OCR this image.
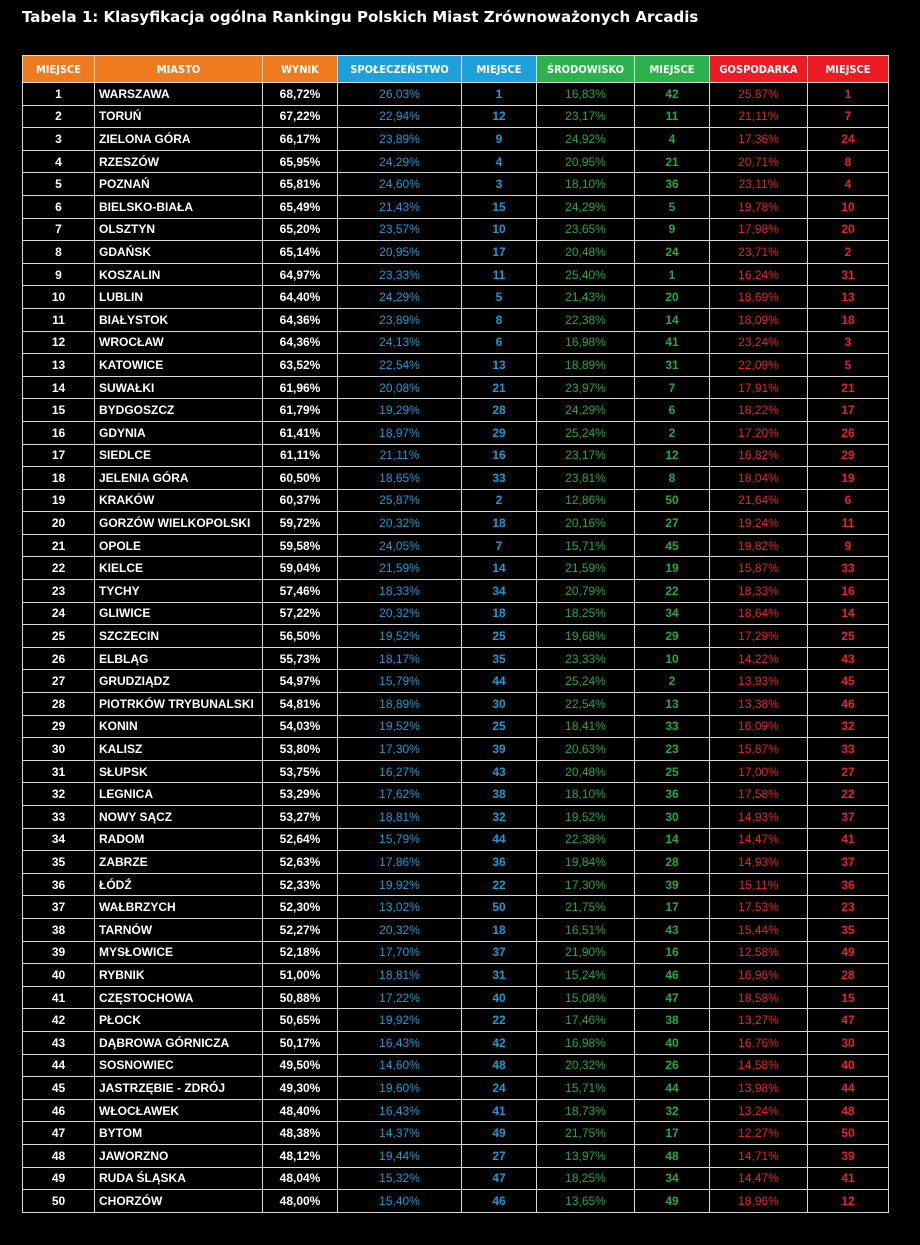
Tabela 1: Klasyfikacja ogólna Rankingu Polskich Miast Zrównoważonych Arcadis
MIEJSCE	MIASTO	WYNIK	SPOŁECZEŃSTWO	MIEJSCE	ŚRODOWISKO	MIEJSCE	GOSPODARKA	MIEJSCE
1	WARSZAWA	68,72%	26,03%	1	16,83%	42	25,87%	1
2	TORUŃ	67,22%	22,94%	12	23,17%	11	21,11%	7
3	ZIELONA GÓRA	66,17%	23,89%	9	24,92%	4	17,36%	24
4	RZESZÓW	65,95%	24,29%	4	20,95%	21	20,71%	8
5	POZNAŃ	65,81%	24,60%	3	18,10%	36	23,11%	4
6	BIELSKO-BIAŁA	65,49%	21,43%	15	24,29%	5	19,78%	10
7	OLSZTYN	65,20%	23,57%	10	23,65%	9	17,98%	20
8	GDAŃSK	65,14%	20,95%	17	20,48%	24	23,71%	2
9	KOSZALIN	64,97%	23,33%	11	25,40%	1	16,24%	31
10	LUBLIN	64,40%	24,29%	5	21,43%	20	18,69%	13
11	BIAŁYSTOK	64,36%	23,89%	8	22,38%	14	18,09%	18
12	WROCŁAW	64,36%	24,13%	6	16,98%	41	23,24%	3
13	KATOWICE	63,52%	22,54%	13	18,89%	31	22,09%	5
14	SUWAŁKI	61,96%	20,08%	21	23,97%	7	17,91%	21
15	BYDGOSZCZ	61,79%	19,29%	28	24,29%	6	18,22%	17
16	GDYNIA	61,41%	18,97%	29	25,24%	2	17,20%	26
17	SIEDLCE	61,11%	21,11%	16	23,17%	12	16,82%	29
18	JELENIA GÓRA	60,50%	18,65%	33	23,81%	8	18,04%	19
19	KRAKÓW	60,37%	25,87%	2	12,86%	50	21,64%	6
20	GORZÓW WIELKOPOLSKI	59,72%	20,32%	18	20,16%	27	19,24%	11
21	OPOLE	59,58%	24,05%	7	15,71%	45	19,82%	9
22	KIELCE	59,04%	21,59%	14	21,59%	19	15,87%	33
23	TYCHY	57,46%	18,33%	34	20,79%	22	18,33%	16
24	GLIWICE	57,22%	20,32%	18	18,25%	34	18,64%	14
25	SZCZECIN	56,50%	19,52%	25	19,68%	29	17,29%	25
26	ELBLĄG	55,73%	18,17%	35	23,33%	10	14,22%	43
27	GRUDZIĄDZ	54,97%	15,79%	44	25,24%	2	13,93%	45
28	PIOTRKÓW TRYBUNALSKI	54,81%	18,89%	30	22,54%	13	13,38%	46
29	KONIN	54,03%	19,52%	25	18,41%	33	16,09%	32
30	KALISZ	53,80%	17,30%	39	20,63%	23	15,87%	33
31	SŁUPSK	53,75%	16,27%	43	20,48%	25	17,00%	27
32	LEGNICA	53,29%	17,62%	38	18,10%	36	17,58%	22
33	NOWY SĄCZ	53,27%	18,81%	32	19,52%	30	14,93%	37
34	RADOM	52,64%	15,79%	44	22,38%	14	14,47%	41
35	ZABRZE	52,63%	17,86%	36	19,84%	28	14,93%	37
36	ŁÓDŹ	52,33%	19,92%	22	17,30%	39	15,11%	36
37	WAŁBRZYCH	52,30%	13,02%	50	21,75%	17	17,53%	23
38	TARNÓW	52,27%	20,32%	18	16,51%	43	15,44%	35
39	MYSŁOWICE	52,18%	17,70%	37	21,90%	16	12,58%	49
40	RYBNIK	51,00%	18,81%	31	15,24%	46	16,96%	28
41	CZĘSTOCHOWA	50,88%	17,22%	40	15,08%	47	18,58%	15
42	PŁOCK	50,65%	19,92%	22	17,46%	38	13,27%	47
43	DĄBROWA GÓRNICZA	50,17%	16,43%	42	16,98%	40	16,76%	30
44	SOSNOWIEC	49,50%	14,60%	48	20,32%	26	14,58%	40
45	JASTRZĘBIE - ZDRÓJ	49,30%	19,60%	24	15,71%	44	13,98%	44
46	WŁOCŁAWEK	48,40%	16,43%	41	18,73%	32	13,24%	48
47	BYTOM	48,38%	14,37%	49	21,75%	17	12,27%	50
48	JAWORZNO	48,12%	19,44%	27	13,97%	48	14,71%	39
49	RUDA ŚLĄSKA	48,04%	15,32%	47	18,25%	34	14,47%	41
50	CHORZÓW	48,00%	15,40%	46	13,65%	49	18,96%	12
